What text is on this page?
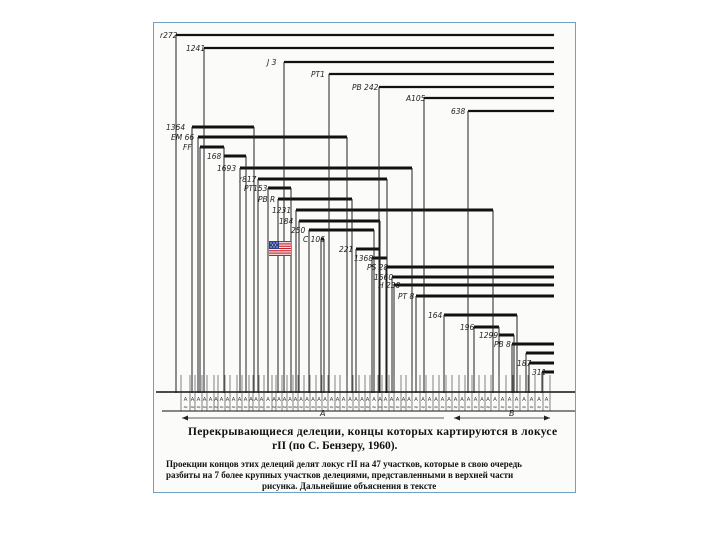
r272
1241
J 3
PT1
PB 242
A105
638
1364
EM 66
FF
168
1693
r817
PT153
PB R
1231
184
250
C 106
221
1368
PS 28
1560
H 230
PT 8
164
196
1299
PB 8
187
311
A
≈
A
≈
A
≈
A
≈
A
≈
A
≈
A
≈
A
≈
A
≈
A
≈
A
≈
A
≈
A
≈
A
≈
A
≈
A
≈
A
≈
A
≈
A
≈
A
≈
A
≈
A
≈
A
≈
A
≈
A
≈
A
≈
A
≈
A
≈
A
≈
A
≈
A
≈
A
≈
A
≈
A
≈
A
≈
A
≈
A
≈
A
≈
A
≈
A
≈
A
≈
A
≈
A
≈
A
≈
A
≈
A
≈
A
≈
A
≈
A
≈
A
≈
A
≈
A
≈
A
≈
A
≈
A
≈
A
≈
A
≈
A
≈
A
≈
A	B
Перекрывающиеся делеции, концы которых картируются в локусе
rII (по С. Бензеру, 1960).
Проекции концов этих делеций делят локус rII на 47 участков, которые в свою очередь
разбиты на 7 более крупных участков делециями, представленными в верхней части
рисунка. Дальнейшие объяснения в тексте
